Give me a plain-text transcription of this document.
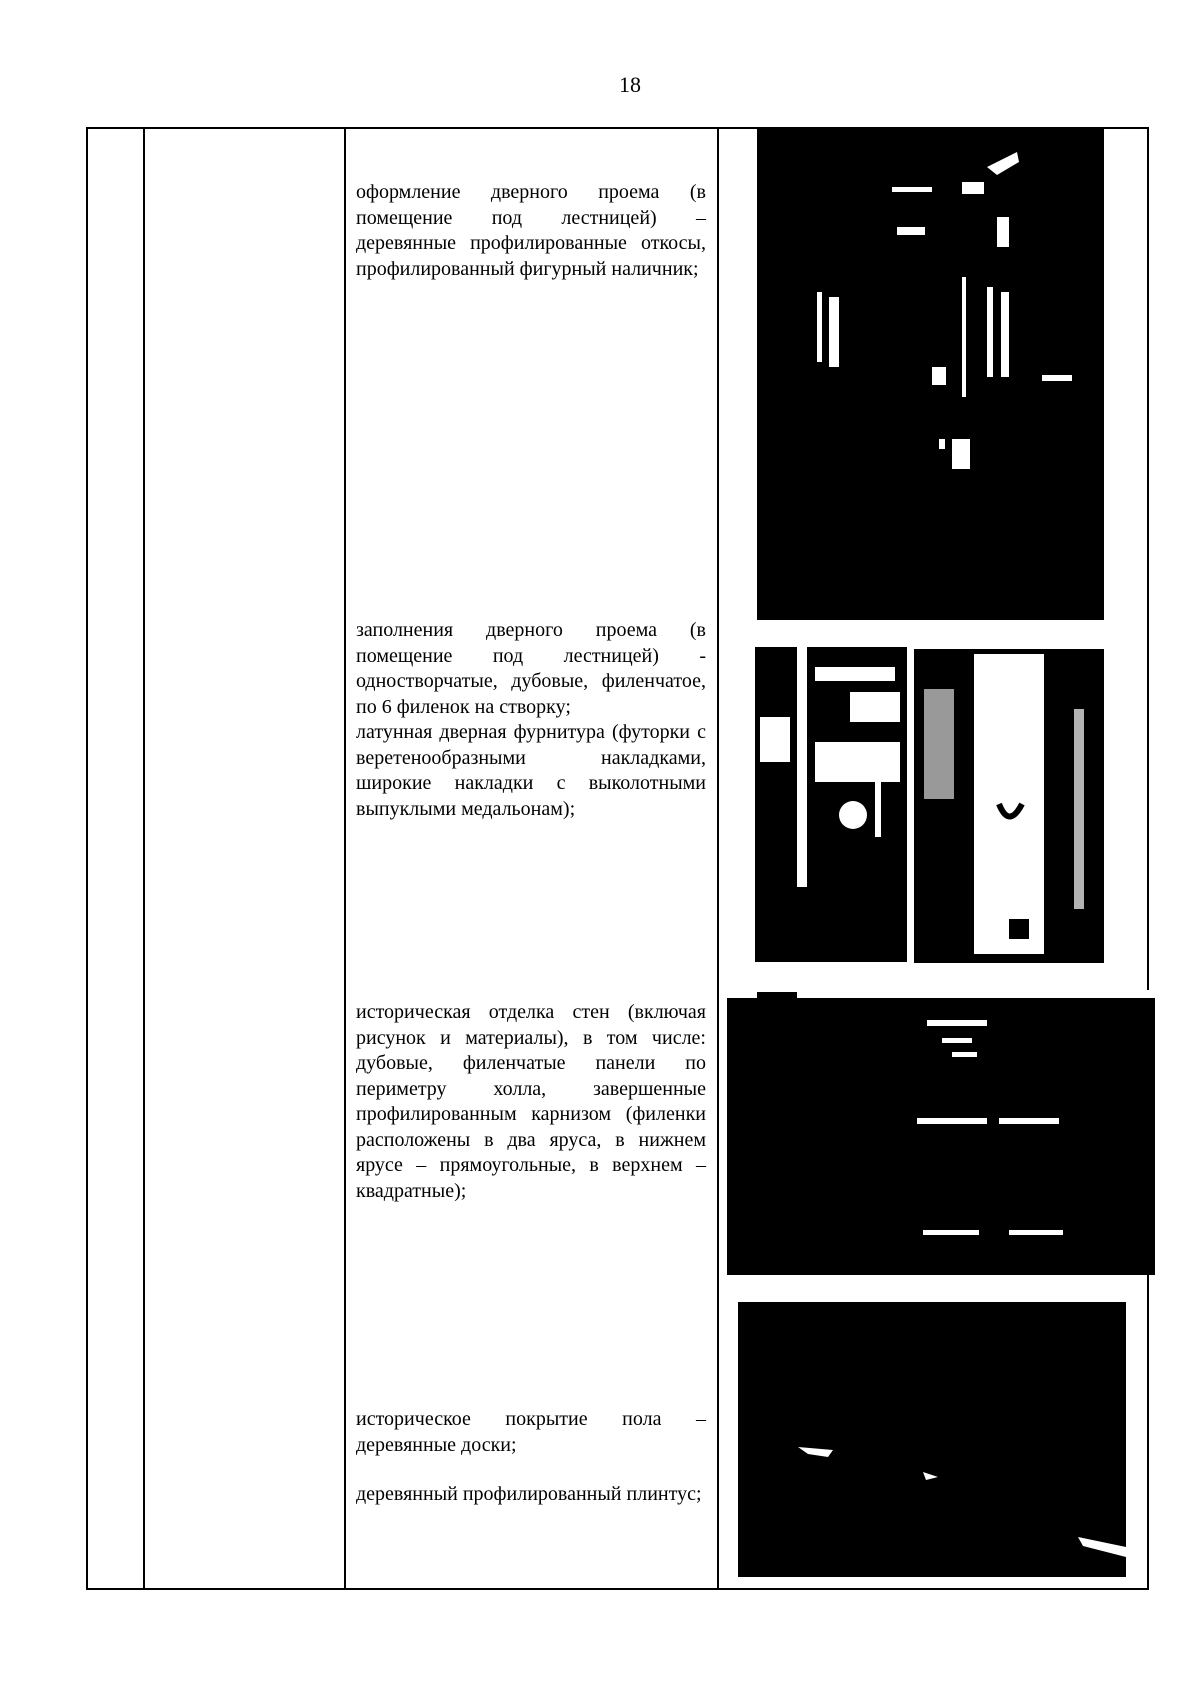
18

оформление дверного проема (в помещение под лестницей) – деревянные профилированные откосы, профилированный фигурный наличник;

заполнения дверного проема (в помещение под лестницей) - одностворчатые, дубовые, филенчатое, по 6 филенок на створку;

латунная дверная фурнитура (футорки с веретенообразными накладками, широкие накладки с выколотными выпуклыми медальонам);

историческая отделка стен (включая рисунок и материалы), в том числе: дубовые, филенчатые панели по периметру холла, завершенные профилированным карнизом (филенки расположены в два яруса, в нижнем ярусе – прямоугольные, в верхнем – квадратные);

историческое покрытие пола – деревянные доски;

деревянный профилированный плинтус;
